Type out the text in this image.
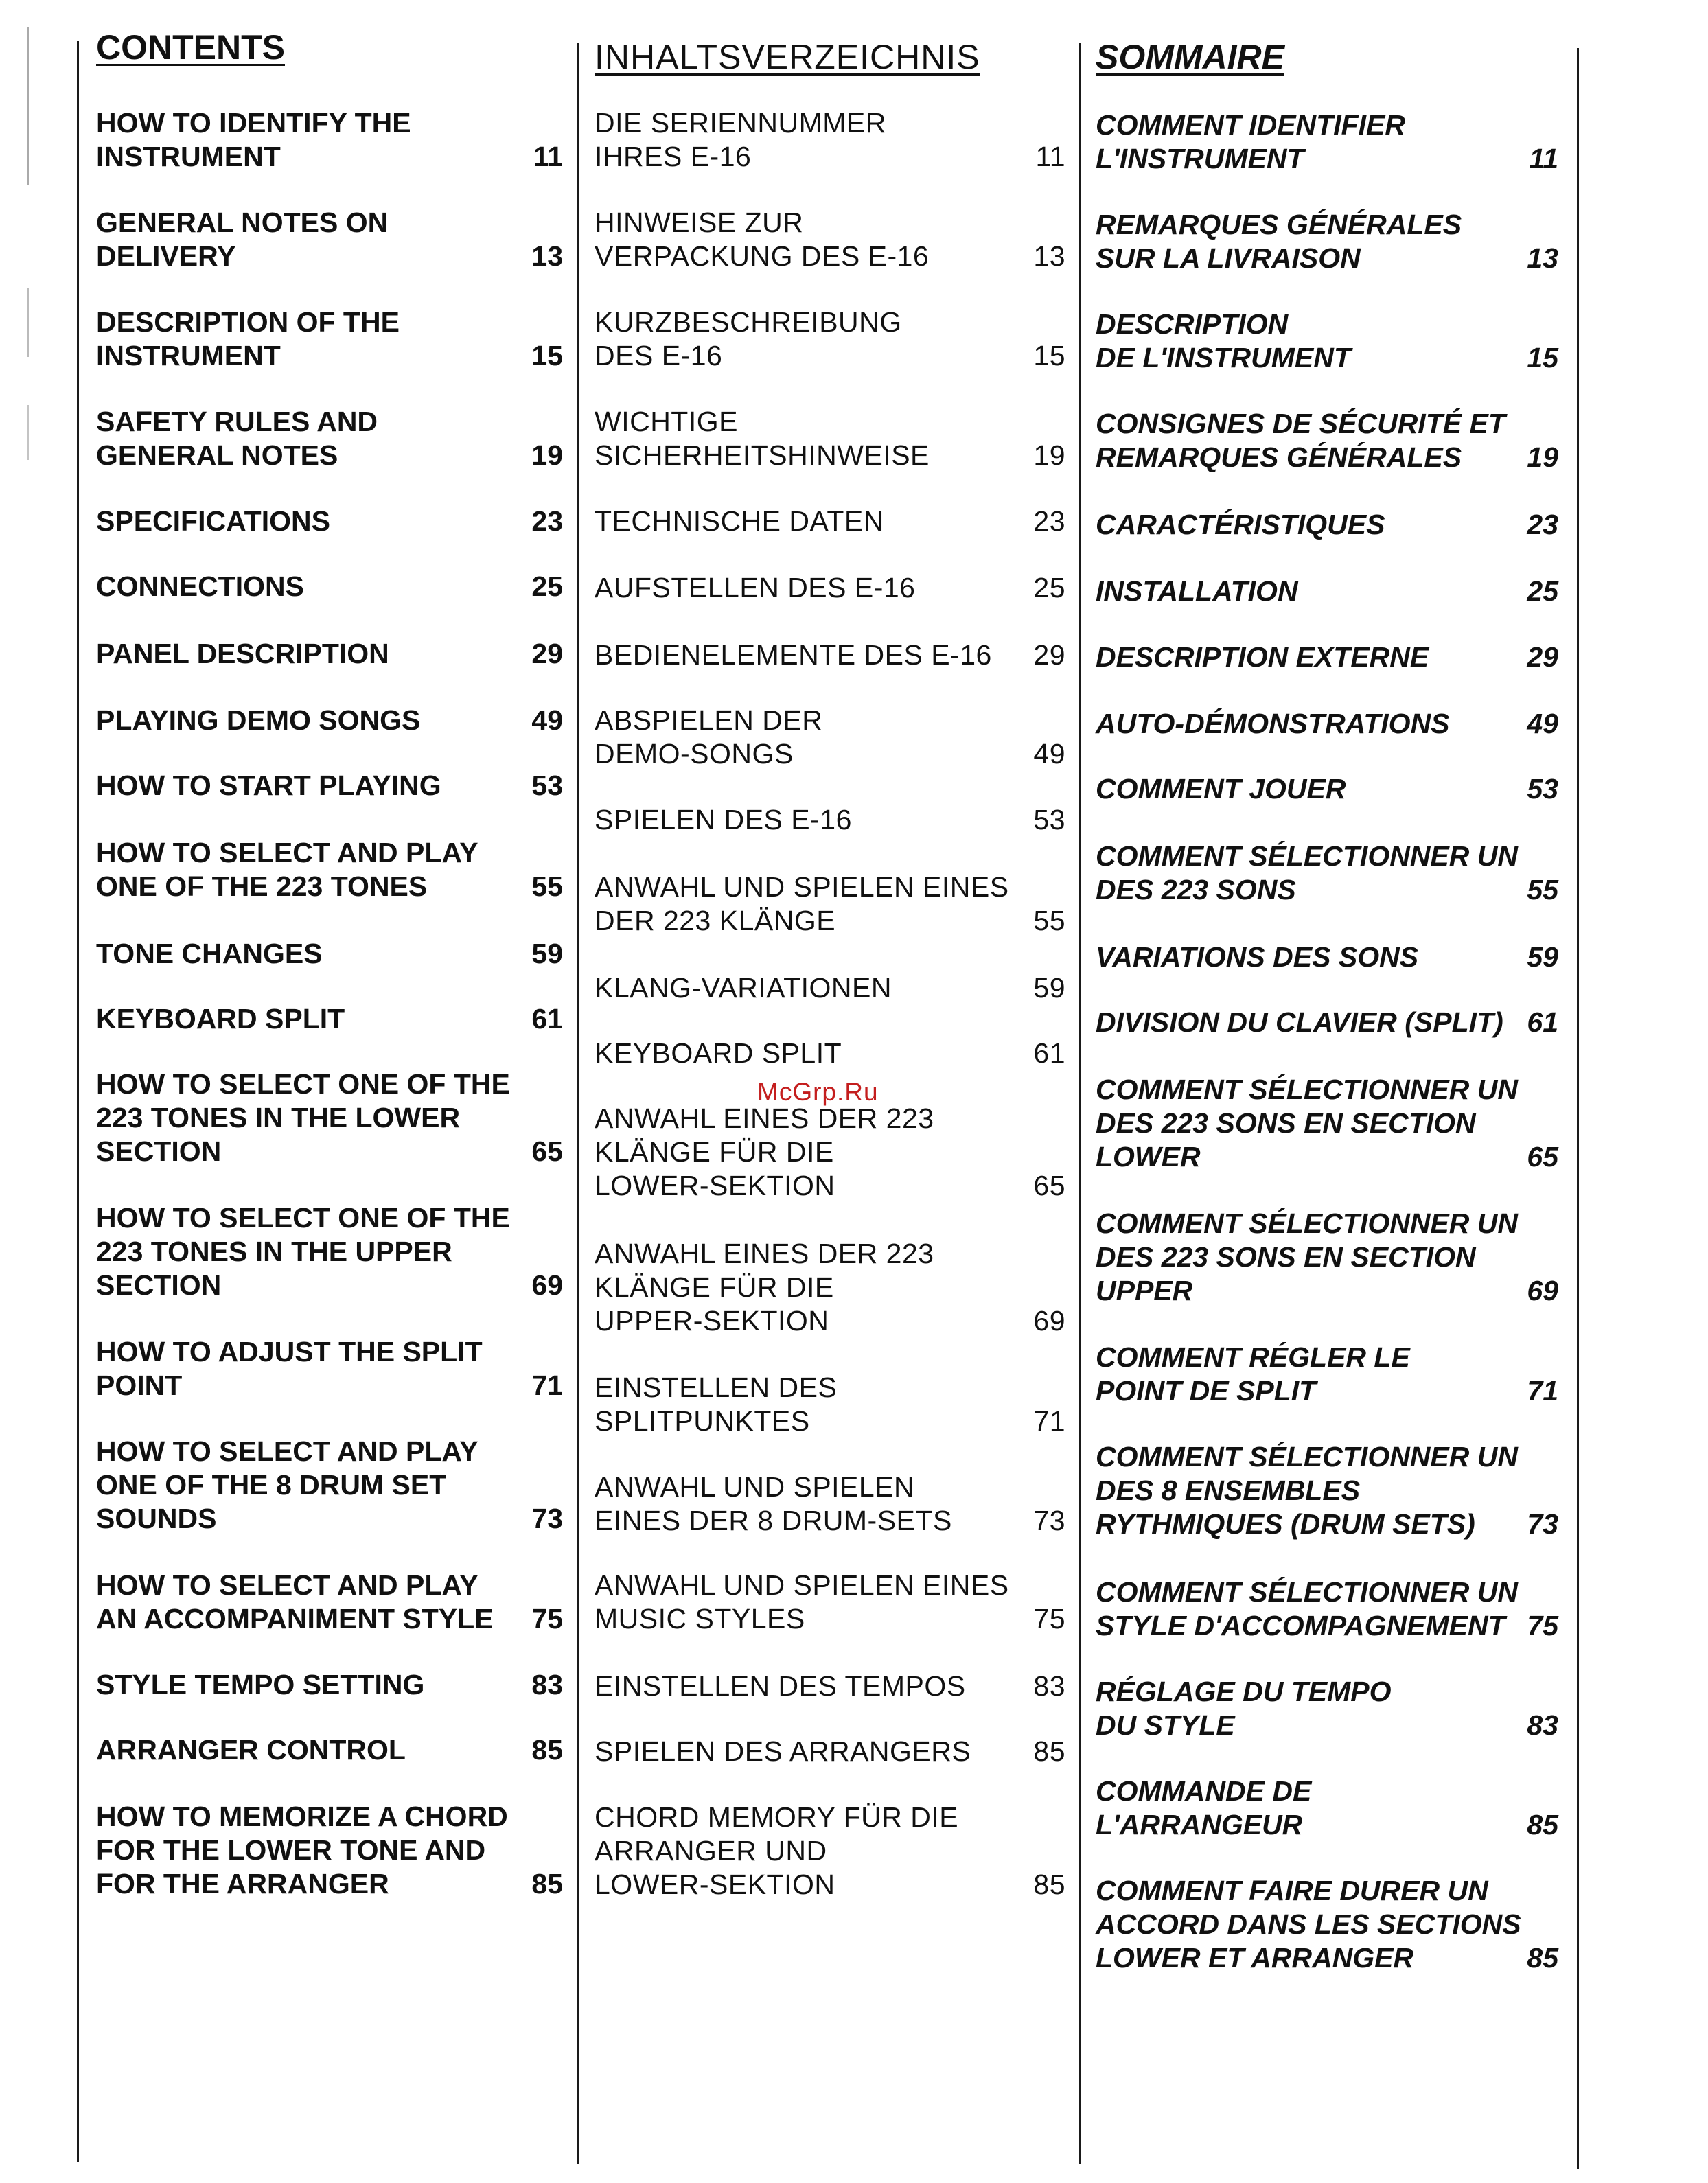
CONTENTS
HOW TO IDENTIFY THE
INSTRUMENT	11
GENERAL NOTES ON
DELIVERY	13
DESCRIPTION OF THE
INSTRUMENT	15
SAFETY RULES AND
GENERAL NOTES	19
SPECIFICATIONS	23
CONNECTIONS	25
PANEL DESCRIPTION	29
PLAYING DEMO SONGS	49
HOW TO START PLAYING	53
HOW TO SELECT AND PLAY
ONE OF THE 223 TONES	55
TONE CHANGES	59
KEYBOARD SPLIT	61
HOW TO SELECT ONE OF THE
223 TONES IN THE LOWER
SECTION	65
HOW TO SELECT ONE OF THE
223 TONES IN THE UPPER
SECTION	69
HOW TO ADJUST THE SPLIT
POINT	71
HOW TO SELECT AND PLAY
ONE OF THE 8 DRUM SET
SOUNDS	73
HOW TO SELECT AND PLAY
AN ACCOMPANIMENT STYLE	75
STYLE TEMPO SETTING	83
ARRANGER CONTROL	85
HOW TO MEMORIZE A CHORD
FOR THE LOWER TONE AND
FOR THE ARRANGER	85
INHALTSVERZEICHNIS
DIE SERIENNUMMER
IHRES E-16	11
HINWEISE ZUR
VERPACKUNG DES E-16	13
KURZBESCHREIBUNG
DES E-16	15
WICHTIGE
SICHERHEITSHINWEISE	19
TECHNISCHE DATEN	23
AUFSTELLEN DES E-16	25
BEDIENELEMENTE DES E-16	29
ABSPIELEN DER
DEMO-SONGS	49
SPIELEN DES E-16	53
ANWAHL UND SPIELEN EINES
DER 223 KLÄNGE	55
KLANG-VARIATIONEN	59
KEYBOARD SPLIT	61
ANWAHL EINES DER 223
KLÄNGE FÜR DIE
LOWER-SEKTION	65
ANWAHL EINES DER 223
KLÄNGE FÜR DIE
UPPER-SEKTION	69
EINSTELLEN DES
SPLITPUNKTES	71
ANWAHL UND SPIELEN
EINES DER 8 DRUM-SETS	73
ANWAHL UND SPIELEN EINES
MUSIC STYLES	75
EINSTELLEN DES TEMPOS	83
SPIELEN DES ARRANGERS	85
CHORD MEMORY FÜR DIE
ARRANGER UND
LOWER-SEKTION	85
SOMMAIRE
COMMENT IDENTIFIER
L'INSTRUMENT	11
REMARQUES GÉNÉRALES
SUR LA LIVRAISON	13
DESCRIPTION
DE L'INSTRUMENT	15
CONSIGNES DE SÉCURITÉ ET
REMARQUES GÉNÉRALES	19
CARACTÉRISTIQUES	23
INSTALLATION	25
DESCRIPTION EXTERNE	29
AUTO-DÉMONSTRATIONS	49
COMMENT JOUER	53
COMMENT SÉLECTIONNER UN
DES 223 SONS	55
VARIATIONS DES SONS	59
DIVISION DU CLAVIER (SPLIT) 61
COMMENT SÉLECTIONNER UN
DES 223 SONS EN SECTION
LOWER	65
COMMENT SÉLECTIONNER UN
DES 223 SONS EN SECTION
UPPER	69
COMMENT RÉGLER LE
POINT DE SPLIT	71
COMMENT SÉLECTIONNER UN
DES 8 ENSEMBLES
RYTHMIQUES (DRUM SETS)	73
COMMENT SÉLECTIONNER UN
STYLE D'ACCOMPAGNEMENT 75
RÉGLAGE DU TEMPO
DU STYLE	83
COMMANDE DE
L'ARRANGEUR	85
COMMENT FAIRE DURER UN
ACCORD DANS LES SECTIONS
LOWER ET ARRANGER	85
McGrp.Ru
